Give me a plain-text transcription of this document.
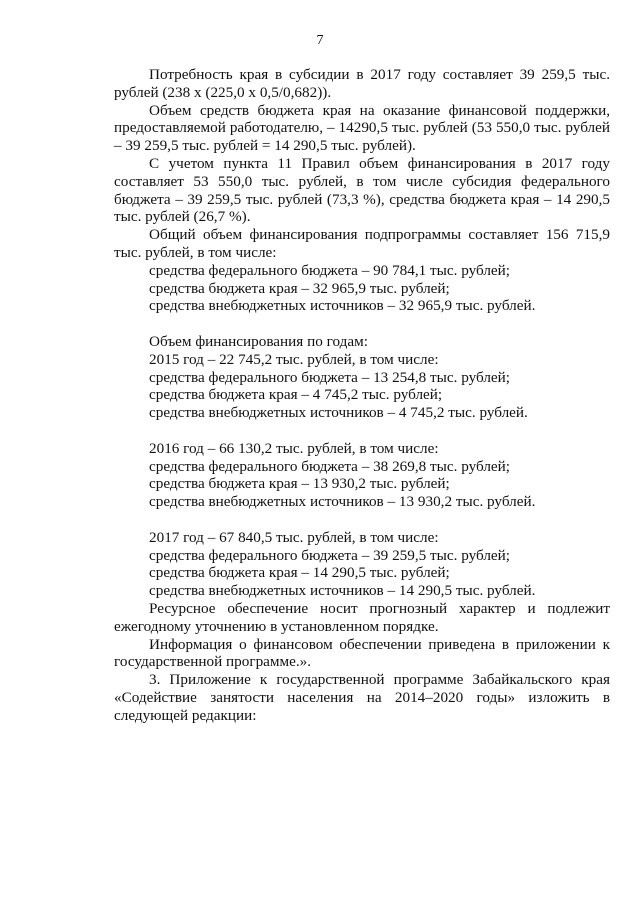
7

Потребность края в субсидии в 2017 году составляет 39 259,5 тыс. рублей (238 х (225,0 х 0,5/0,682)).

Объем средств бюджета края на оказание финансовой поддержки, предоставляемой работодателю, – 14290,5 тыс. рублей (53 550,0 тыс. рублей – 39 259,5 тыс. рублей = 14 290,5 тыс. рублей).

С учетом пункта 11 Правил объем финансирования в 2017 году составляет 53 550,0 тыс. рублей, в том числе субсидия федерального бюджета – 39 259,5 тыс. рублей (73,3 %), средства бюджета края – 14 290,5 тыс. рублей (26,7 %).

Общий объем финансирования подпрограммы составляет 156 715,9 тыс. рублей, в том числе:

средства федерального бюджета – 90 784,1 тыс. рублей;

средства бюджета края – 32 965,9 тыс. рублей;

средства внебюджетных источников – 32 965,9 тыс. рублей.

Объем финансирования по годам:

2015 год – 22 745,2 тыс. рублей, в том числе:

средства федерального бюджета – 13 254,8 тыс. рублей;

средства бюджета края – 4 745,2 тыс. рублей;

средства внебюджетных источников – 4 745,2 тыс. рублей.

2016 год – 66 130,2 тыс. рублей, в том числе:

средства федерального бюджета – 38 269,8 тыс. рублей;

средства бюджета края – 13 930,2 тыс. рублей;

средства внебюджетных источников – 13 930,2 тыс. рублей.

2017 год – 67 840,5 тыс. рублей, в том числе:

средства федерального бюджета – 39 259,5 тыс. рублей;

средства бюджета края – 14 290,5 тыс. рублей;

средства внебюджетных источников – 14 290,5 тыс. рублей.

Ресурсное обеспечение носит прогнозный характер и подлежит ежегодному уточнению в установленном порядке.

Информация о финансовом обеспечении приведена в приложении к государственной программе.».

3. Приложение к государственной программе Забайкальского края «Содействие занятости населения на 2014–2020 годы» изложить в следующей редакции:
